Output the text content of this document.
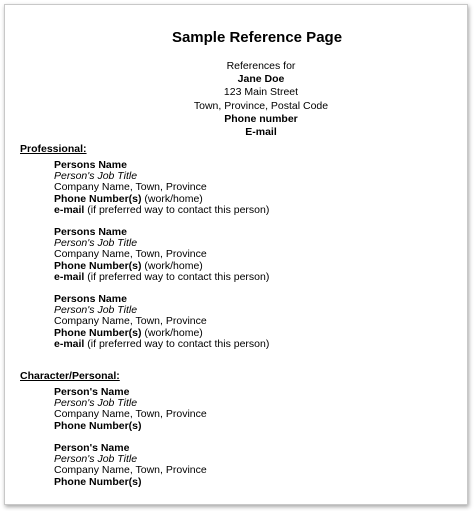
Sample Reference Page
References for
Jane Doe
123 Main Street
Town, Province, Postal Code
Phone number
E-mail
Professional:
Persons Name
Person's Job Title
Company Name, Town, Province
Phone Number(s) (work/home)
e-mail (if preferred way to contact this person)
Persons Name
Person's Job Title
Company Name, Town, Province
Phone Number(s) (work/home)
e-mail (if preferred way to contact this person)
Persons Name
Person's Job Title
Company Name, Town, Province
Phone Number(s) (work/home)
e-mail (if preferred way to contact this person)
Character/Personal:
Person's Name
Person's Job Title
Company Name, Town, Province
Phone Number(s)
Person's Name
Person's Job Title
Company Name, Town, Province
Phone Number(s)
